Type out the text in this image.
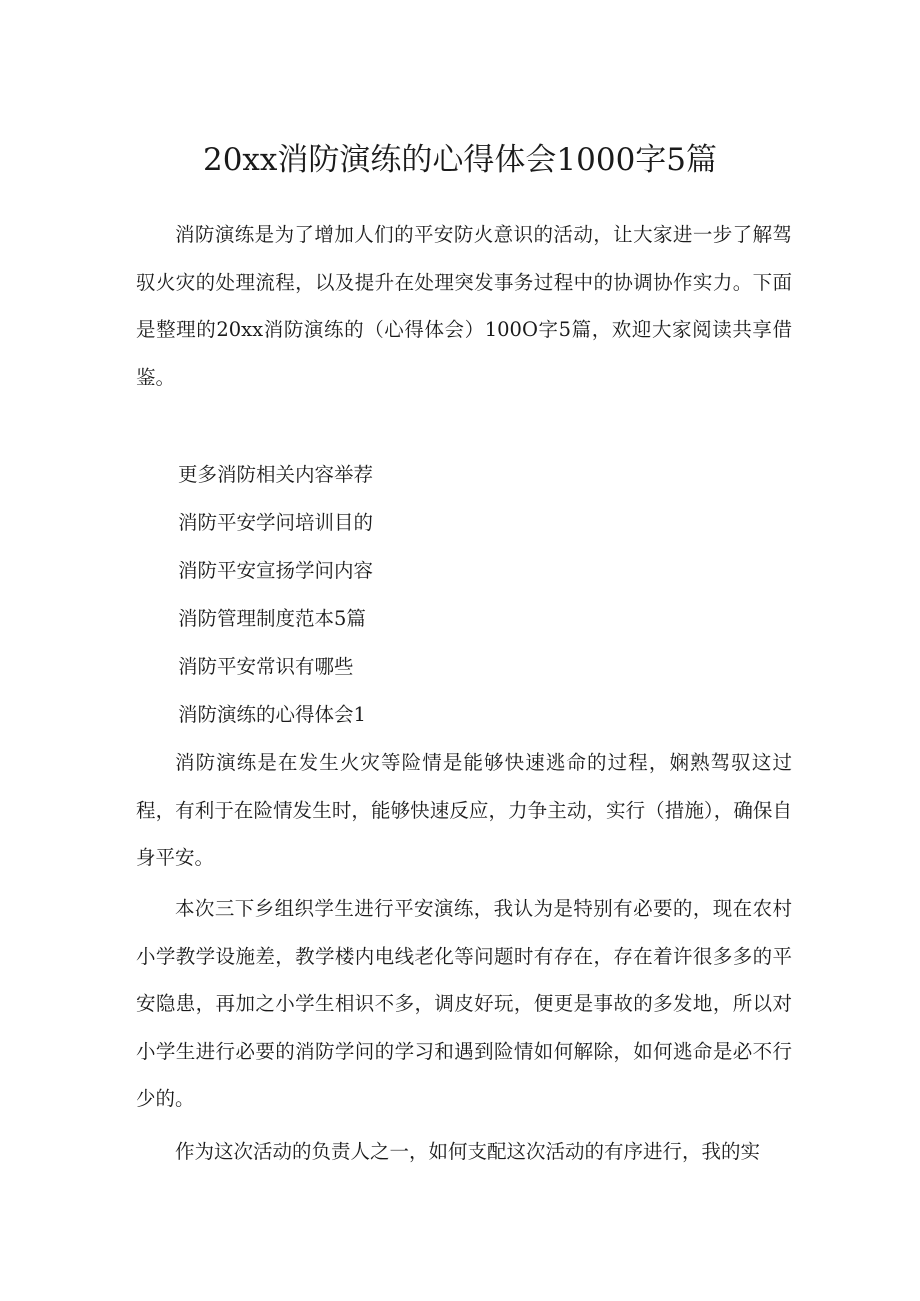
20xx消防演练的心得体会1000字5篇

消防演练是为了增加人们的平安防火意识的活动，让大家进一步了解驾驭火灾的处理流程，以及提升在处理突发事务过程中的协调协作实力。下面是整理的20xx消防演练的（心得体会）100O字5篇，欢迎大家阅读共享借鉴。

更多消防相关内容举荐

消防平安学问培训目的

消防平安宣扬学问内容

消防管理制度范本5篇

消防平安常识有哪些

消防演练的心得体会1

消防演练是在发生火灾等险情是能够快速逃命的过程，娴熟驾驭这过程，有利于在险情发生时，能够快速反应，力争主动，实行（措施），确保自身平安。

本次三下乡组织学生进行平安演练，我认为是特别有必要的，现在农村小学教学设施差，教学楼内电线老化等问题时有存在，存在着许很多多的平安隐患，再加之小学生相识不多，调皮好玩，便更是事故的多发地，所以对小学生进行必要的消防学问的学习和遇到险情如何解除，如何逃命是必不行少的。

作为这次活动的负责人之一，如何支配这次活动的有序进行，我的实
